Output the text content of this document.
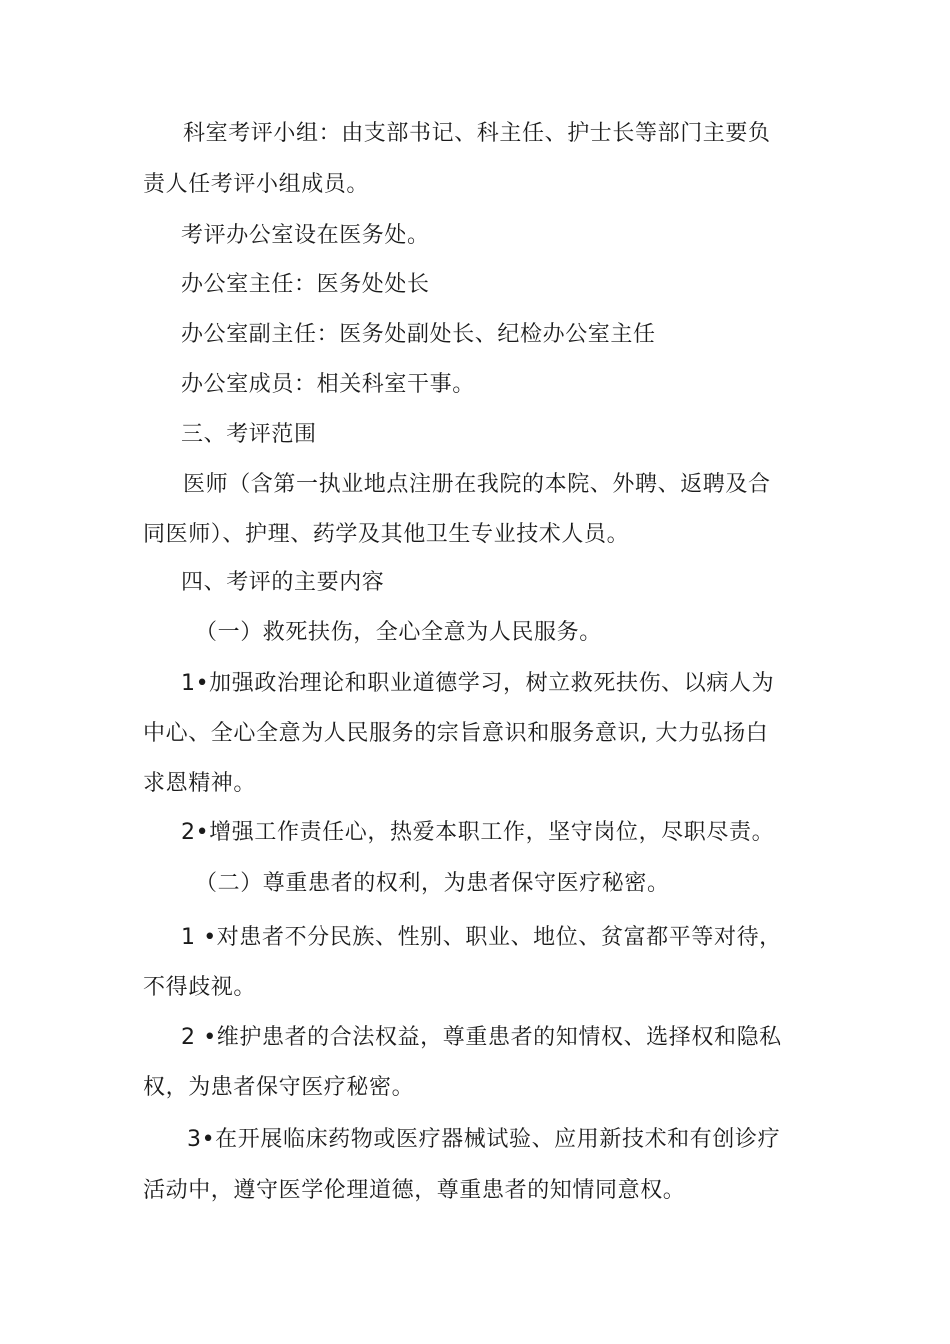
科室考评小组：由支部书记、科主任、护士长等部门主要负

责人任考评小组成员。

考评办公室设在医务处。

办公室主任：医务处处长

办公室副主任：医务处副处长、纪检办公室主任

办公室成员：相关科室干事。

三、考评范围

医师（含第一执业地点注册在我院的本院、外聘、返聘及合

同医师）、护理、药学及其他卫生专业技术人员。

四、考评的主要内容

（一）救死扶伤，全心全意为人民服务。

1•加强政治理论和职业道德学习，树立救死扶伤、以病人为

中心、全心全意为人民服务的宗旨意识和服务意识, 大力弘扬白

求恩精神。

2•增强工作责任心，热爱本职工作，坚守岗位，尽职尽责。

（二）尊重患者的权利，为患者保守医疗秘密。

1 •对患者不分民族、性别、职业、地位、贫富都平等对待，

不得歧视。

2 •维护患者的合法权益，尊重患者的知情权、选择权和隐私

权，为患者保守医疗秘密。

3•在开展临床药物或医疗器械试验、应用新技术和有创诊疗

活动中，遵守医学伦理道德，尊重患者的知情同意权。
